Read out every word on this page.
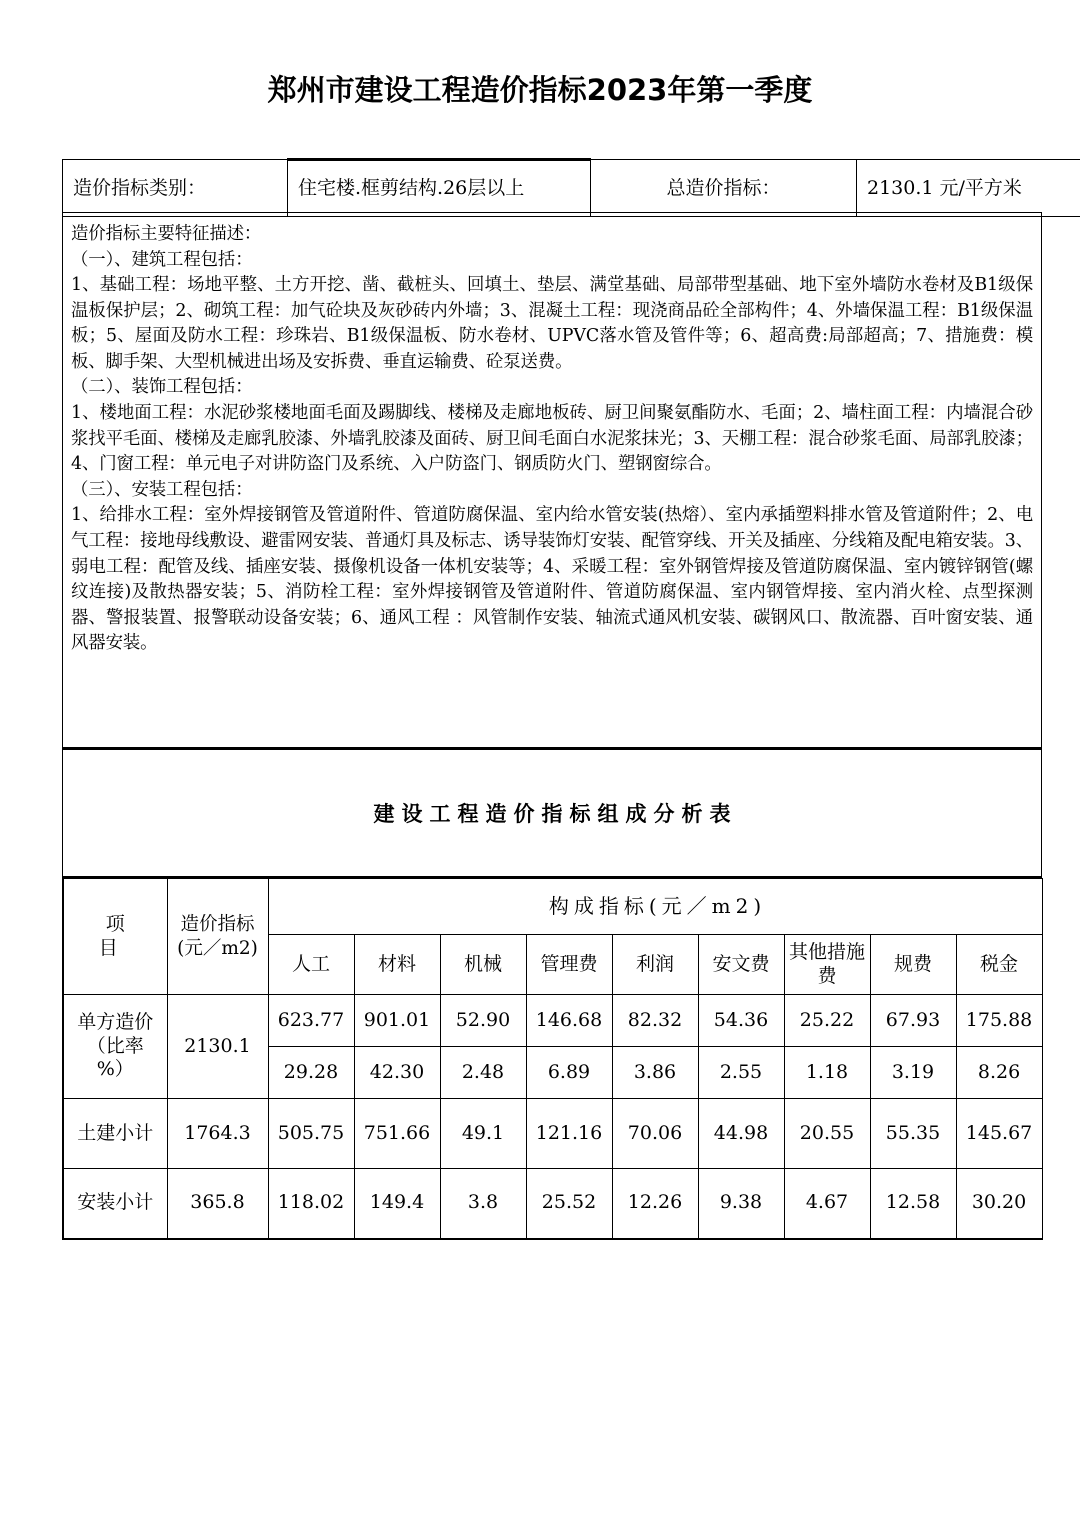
郑州市建设工程造价指标2023年第一季度
造价指标类别：	住宅楼.框剪结构.26层以上	总造价指标：	2130.1 元/平方米

造价指标主要特征描述：

（一）、建筑工程包括：

1、基础工程：场地平整、土方开挖、凿、截桩头、回填土、垫层、满堂基础、局部带型基础、地下室外墙防水卷材及B1级保温板保护层；2、砌筑工程：加气砼块及灰砂砖内外墙；3、混凝土工程：现浇商品砼全部构件；4、外墙保温工程：B1级保温板；5、屋面及防水工程：珍珠岩、B1级保温板、防水卷材、UPVC落水管及管件等；6、超高费:局部超高；7、措施费：模板、脚手架、大型机械进出场及安拆费、垂直运输费、砼泵送费。

（二）、装饰工程包括：

1、楼地面工程：水泥砂浆楼地面毛面及踢脚线、楼梯及走廊地板砖、厨卫间聚氨酯防水、毛面；2、墙柱面工程：内墙混合砂浆找平毛面、楼梯及走廊乳胶漆、外墙乳胶漆及面砖、厨卫间毛面白水泥浆抹光；3、天棚工程：混合砂浆毛面、局部乳胶漆；4、门窗工程：单元电子对讲防盗门及系统、入户防盗门、钢质防火门、塑钢窗综合。

（三）、安装工程包括：

1、给排水工程：室外焊接钢管及管道附件、管道防腐保温、室内给水管安装(热熔）、室内承插塑料排水管及管道附件；2、电气工程：接地母线敷设、避雷网安装、普通灯具及标志、诱导装饰灯安装、配管穿线、开关及插座、分线箱及配电箱安装。3、弱电工程：配管及线、插座安装、摄像机设备一体机安装等；4、采暖工程：室外钢管焊接及管道防腐保温、室内镀锌钢管(螺纹连接)及散热器安装；5、消防栓工程：室外焊接钢管及管道附件、管道防腐保温、室内钢管焊接、室内消火栓、点型探测器、警报装置、报警联动设备安装；6、通风工程 ：风管制作安装、轴流式通风机安装、碳钢风口、散流器、百叶窗安装、通风器安装。

建设工程造价指标组成分析表
项 目	造价指标
(元／m2)	构成指标(元／m2)								
		人工	材料	机械	管理费	利润	安文费	其他措施费	规费	税金

单方造价
（比率
%）	2130.1	623.77	901.01	52.90	146.68	82.32	54.36	25.22	67.93	175.88
		29.28	42.30	2.48	6.89	3.86	2.55	1.18	3.19	8.26
土建小计	1764.3	505.75	751.66	49.1	121.16	70.06	44.98	20.55	55.35	145.67
安装小计	365.8	118.02	149.4	3.8	25.52	12.26	9.38	4.67	12.58	30.20
